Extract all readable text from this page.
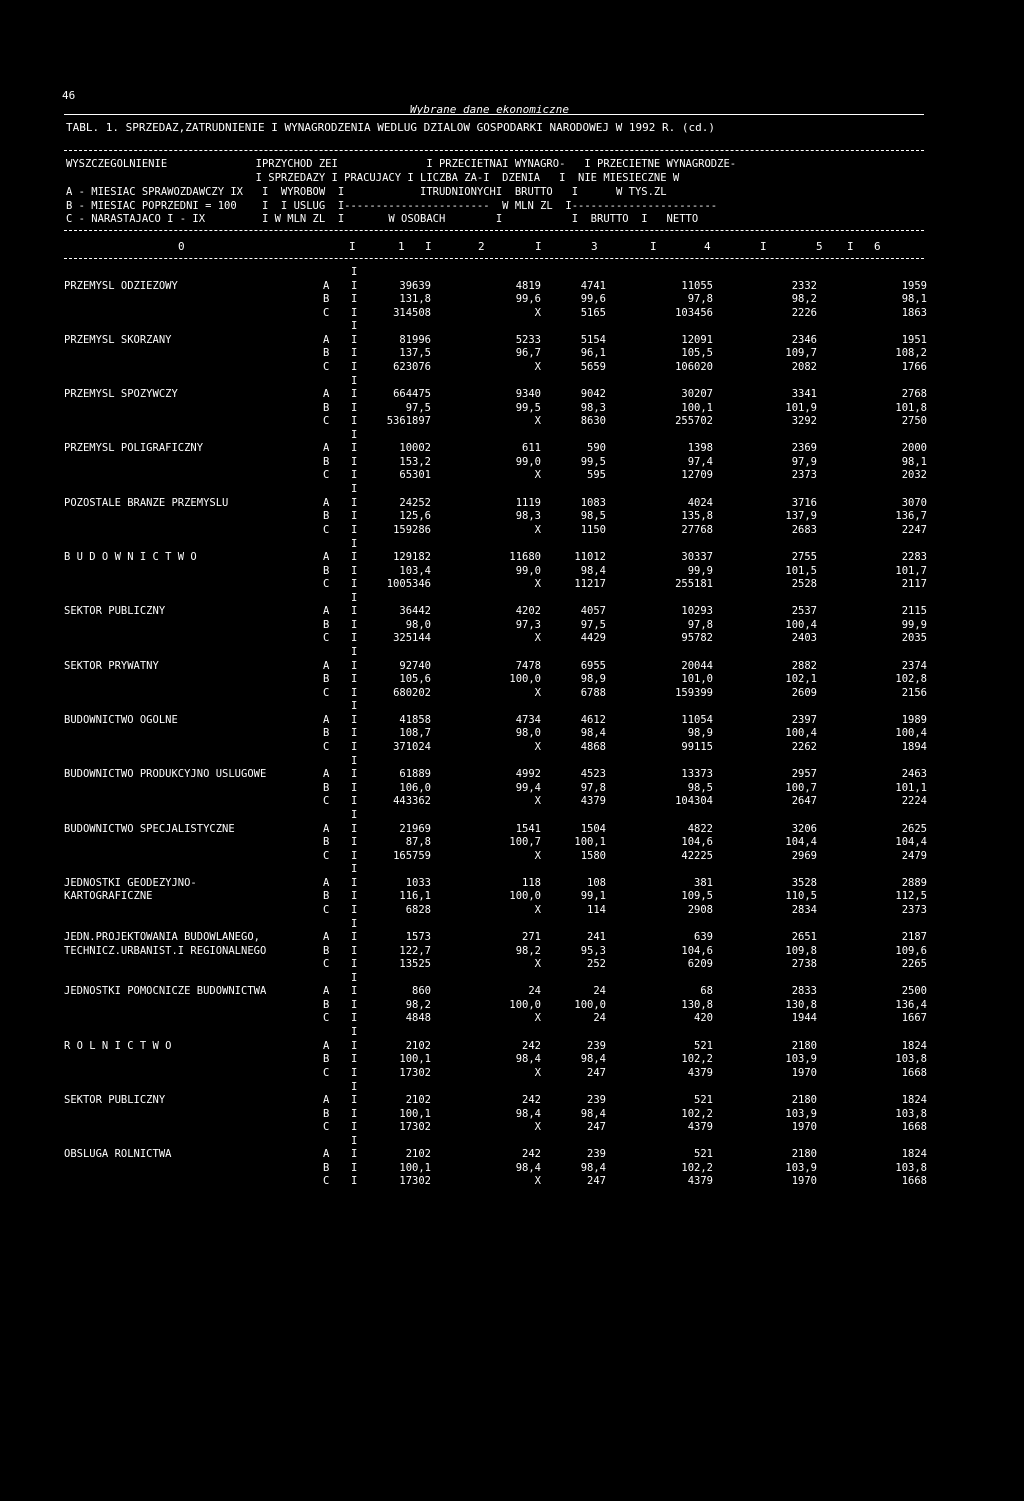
46
Wybrane dane ekonomiczne
TABL. 1. SPRZEDAZ,ZATRUDNIENIE I WYNAGRODZENIA WEDLUG DZIALOW GOSPODARKI NARODOWEJ W 1992 R. (cd.)
WYSZCZEGOLNIENIE              IPRZYCHOD ZEI              I PRZECIETNAI WYNAGRO-   I PRZECIETNE WYNAGRODZE-
I SPRZEDAZY I PRACUJACY I LICZBA ZA-I  DZENIA   I  NIE MIESIECZNE W
A - MIESIAC SPRAWOZDAWCZY IX   I  WYROBOW  I            ITRUDNIONYCHI  BRUTTO   I      W TYS.ZL
B - MIESIAC POPRZEDNI = 100    I  I USLUG  I-----------------------  W MLN ZL  I-----------------------
C - NARASTAJACO I - IX         I W MLN ZL  I       W OSOBACH        I           I  BRUTTO  I   NETTO
0	I	1 I	2	I	3	I	4	I	5 I 6
I
PRZEMYSL ODZIEZOWY	A I	39639	4819	4741	11055	2332	1959
B I	131,8	99,6	99,6	97,8	98,2	98,1
C I	314508	X	5165	103456	2226	1863
I
PRZEMYSL SKORZANY	A I	81996	5233	5154	12091	2346	1951
B I	137,5	96,7	96,1	105,5	109,7	108,2
C I	623076	X	5659	106020	2082	1766
I
PRZEMYSL SPOZYWCZY	A I	664475	9340	9042	30207	3341	2768
B I	97,5	99,5	98,3	100,1	101,9	101,8
C I	5361897	X	8630	255702	3292	2750
I
PRZEMYSL POLIGRAFICZNY	A I	10002	611	590	1398	2369	2000
B I	153,2	99,0	99,5	97,4	97,9	98,1
C I	65301	X	595	12709	2373	2032
I
POZOSTALE BRANZE PRZEMYSLU	A I	24252	1119	1083	4024	3716	3070
B I	125,6	98,3	98,5	135,8	137,9	136,7
C I	159286	X	1150	27768	2683	2247
I
B U D O W N I C T W O	A I	129182	11680	11012	30337	2755	2283
B I	103,4	99,0	98,4	99,9	101,5	101,7
C I	1005346	X	11217	255181	2528	2117
I
SEKTOR PUBLICZNY	A I	36442	4202	4057	10293	2537	2115
B I	98,0	97,3	97,5	97,8	100,4	99,9
C I	325144	X	4429	95782	2403	2035
I
SEKTOR PRYWATNY	A I	92740	7478	6955	20044	2882	2374
B I	105,6	100,0	98,9	101,0	102,1	102,8
C I	680202	X	6788	159399	2609	2156
I
BUDOWNICTWO OGOLNE	A I	41858	4734	4612	11054	2397	1989
B I	108,7	98,0	98,4	98,9	100,4	100,4
C I	371024	X	4868	99115	2262	1894
I
BUDOWNICTWO PRODUKCYJNO USLUGOWE	A I	61889	4992	4523	13373	2957	2463
B I	106,0	99,4	97,8	98,5	100,7	101,1
C I	443362	X	4379	104304	2647	2224
I
BUDOWNICTWO SPECJALISTYCZNE	A I	21969	1541	1504	4822	3206	2625
B I	87,8	100,7	100,1	104,6	104,4	104,4
C I	165759	X	1580	42225	2969	2479
I
JEDNOSTKI GEODEZYJNO-	A I	1033	118	108	381	3528	2889
KARTOGRAFICZNE	B I	116,1	100,0	99,1	109,5	110,5	112,5
C I	6828	X	114	2908	2834	2373
I
JEDN.PROJEKTOWANIA BUDOWLANEGO,	A I	1573	271	241	639	2651	2187
TECHNICZ.URBANIST.I REGIONALNEGO	B I	122,7	98,2	95,3	104,6	109,8	109,6
C I	13525	X	252	6209	2738	2265
I
JEDNOSTKI POMOCNICZE BUDOWNICTWA	A I	860	24	24	68	2833	2500
B I	98,2	100,0	100,0	130,8	130,8	136,4
C I	4848	X	24	420	1944	1667
I
R O L N I C T W O	A I	2102	242	239	521	2180	1824
B I	100,1	98,4	98,4	102,2	103,9	103,8
C I	17302	X	247	4379	1970	1668
I
SEKTOR PUBLICZNY	A I	2102	242	239	521	2180	1824
B I	100,1	98,4	98,4	102,2	103,9	103,8
C I	17302	X	247	4379	1970	1668
I
OBSLUGA ROLNICTWA	A I	2102	242	239	521	2180	1824
B I	100,1	98,4	98,4	102,2	103,9	103,8
C I	17302	X	247	4379	1970	1668
